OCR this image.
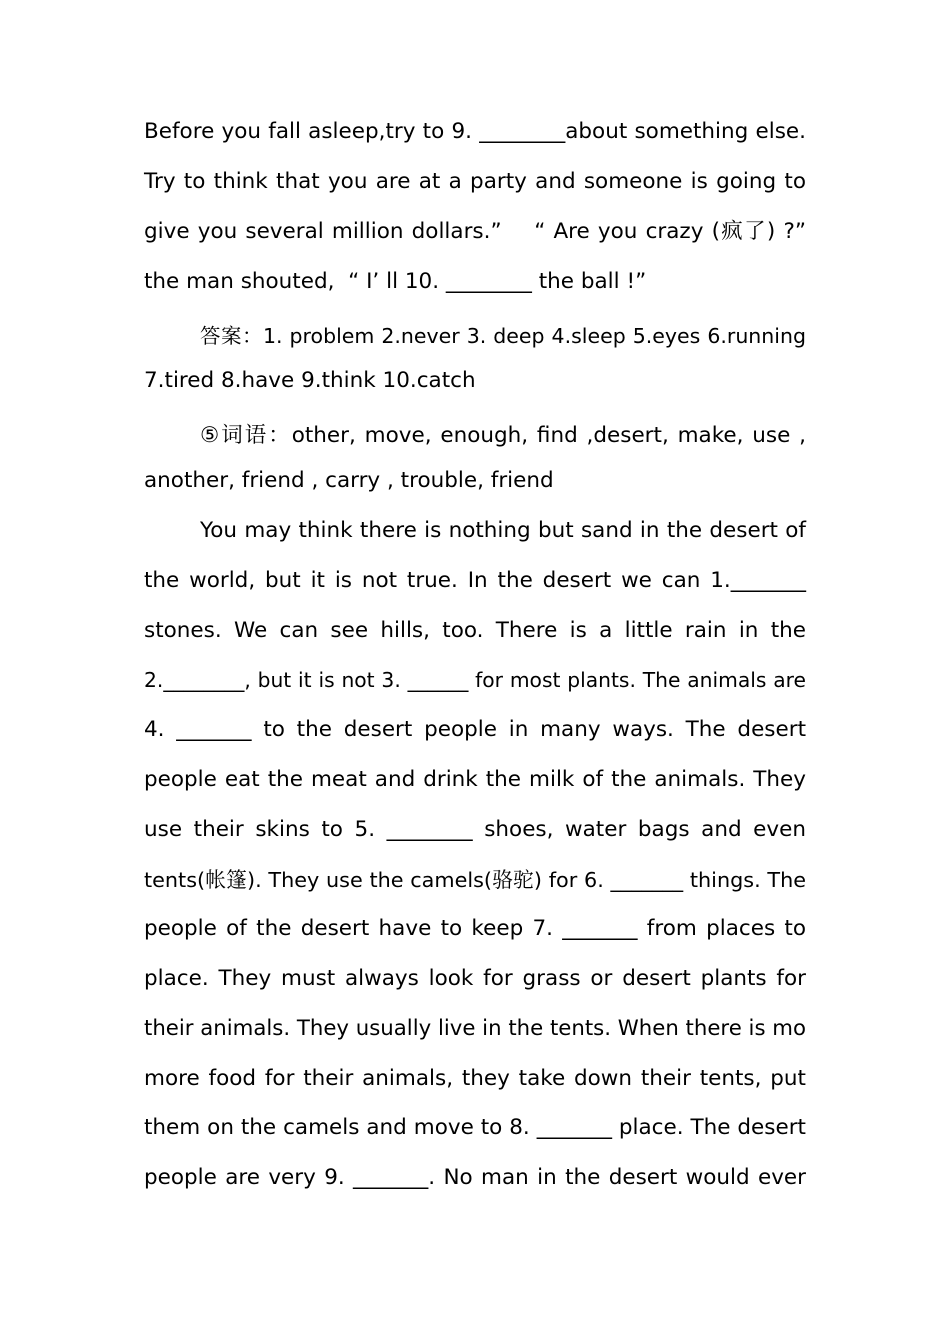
Before you fall asleep,try to 9. ________about something else.
Try to think that you are at a party and someone is going to
give you several million dollars.”    “ Are you crazy (疯了) ?”
the man shouted,  “ I’ ll 10. ________ the ball !”
答案：1. problem 2.never 3. deep 4.sleep 5.eyes 6.running
7.tired 8.have 9.think 10.catch
⑤词语：other, move, enough, find ,desert, make, use ,
another, friend , carry , trouble, friend
You may think there is nothing but sand in the desert of
the world, but it is not true. In the desert we can 1._______
stones. We can see hills, too. There is a little rain in the
2.________, but it is not 3. ______ for most plants. The animals are
4. _______ to the desert people in many ways. The desert
people eat the meat and drink the milk of the animals. They
use their skins to 5. ________ shoes, water bags and even
tents(帐篷). They use the camels(骆驼) for 6. _______ things. The
people of the desert have to keep 7. _______ from places to
place. They must always look for grass or desert plants for
their animals. They usually live in the tents. When there is mo
more food for their animals, they take down their tents, put
them on the camels and move to 8. _______ place. The desert
people are very 9. _______. No man in the desert would ever
